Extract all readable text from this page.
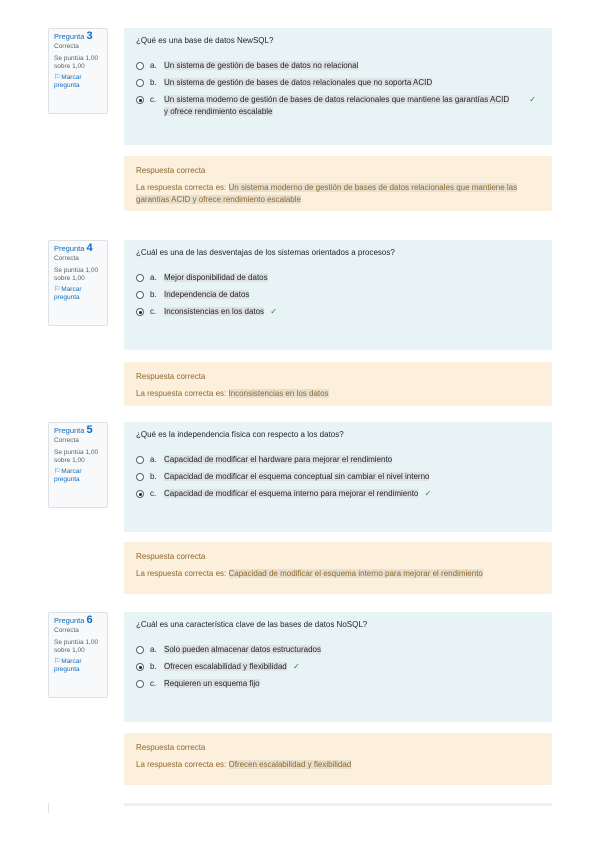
Pregunta 3
Correcta
Se puntúa 1,00
sobre 1,00
⚐Marcar
pregunta
¿Qué es una base de datos NewSQL?
a. Un sistema de gestión de bases de datos no relacional
b. Un sistema de gestión de bases de datos relacionales que no soporta ACID
c. Un sistema moderno de gestión de bases de datos relacionales que mantiene las garantías ACID y ofrece rendimiento escalable
✓
Respuesta correcta
La respuesta correcta es: Un sistema moderno de gestión de bases de datos relacionales que mantiene las garantías ACID y ofrece rendimiento escalable
Pregunta 4
Correcta
Se puntúa 1,00
sobre 1,00
⚐Marcar
pregunta
¿Cuál es una de las desventajas de los sistemas orientados a procesos?
a. Mejor disponibilidad de datos
b. Independencia de datos
c. Inconsistencias en los datos ✓
Respuesta correcta
La respuesta correcta es: Inconsistencias en los datos
Pregunta 5
Correcta
Se puntúa 1,00
sobre 1,00
⚐Marcar
pregunta
¿Qué es la independencia física con respecto a los datos?
a. Capacidad de modificar el hardware para mejorar el rendimiento
b. Capacidad de modificar el esquema conceptual sin cambiar el nivel interno
c. Capacidad de modificar el esquema interno para mejorar el rendimiento ✓
Respuesta correcta
La respuesta correcta es: Capacidad de modificar el esquema interno para mejorar el rendimiento
Pregunta 6
Correcta
Se puntúa 1,00
sobre 1,00
⚐Marcar
pregunta
¿Cuál es una característica clave de las bases de datos NoSQL?
a. Solo pueden almacenar datos estructurados
b. Ofrecen escalabilidad y flexibilidad ✓
c. Requieren un esquema fijo
Respuesta correcta
La respuesta correcta es: Ofrecen escalabilidad y flexibilidad
